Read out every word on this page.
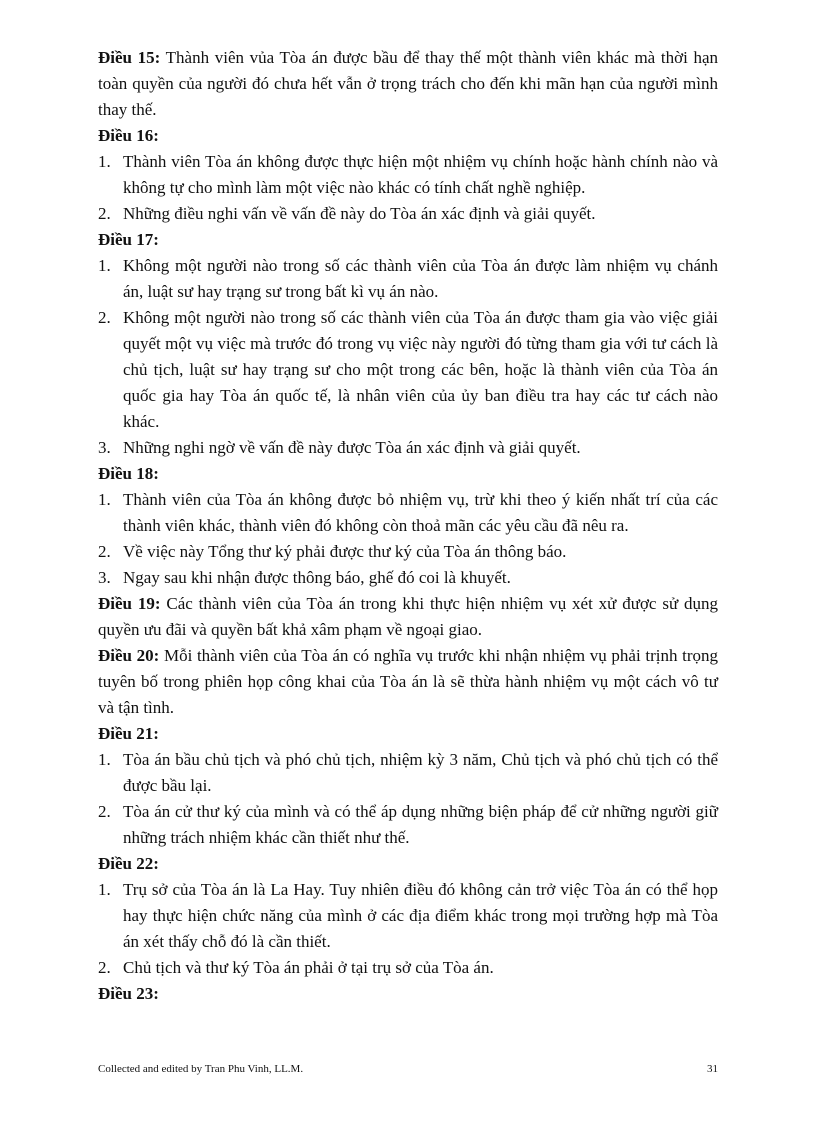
Điều 15: Thành viên vủa Tòa án được bầu để thay thế một thành viên khác mà thời hạn toàn quyền của người đó chưa hết vẫn ở trọng trách cho đến khi mãn hạn của người mình thay thế.

Điều 16:

1. Thành viên Tòa án không được thực hiện một nhiệm vụ chính hoặc hành chính nào và không tự cho mình làm một việc nào khác có tính chất nghề nghiệp.
2. Những điều nghi vấn về vấn đề này do Tòa án xác định và giải quyết.

Điều 17:

1. Không một người nào trong số các thành viên của Tòa án được làm nhiệm vụ chánh án, luật sư hay trạng sư trong bất kì vụ án nào.
2. Không một người nào trong số các thành viên của Tòa án được tham gia vào việc giải quyết một vụ việc mà trước đó trong vụ việc này người đó từng tham gia với tư cách là chủ tịch, luật sư hay trạng sư cho một trong các bên, hoặc là thành viên của Tòa án quốc gia hay Tòa án quốc tế, là nhân viên của ủy ban điều tra hay các tư cách nào khác.
3. Những nghi ngờ về vấn đề này được Tòa án xác định và giải quyết.

Điều 18:

1. Thành viên của Tòa án không được bỏ nhiệm vụ, trừ khi theo ý kiến nhất trí của các thành viên khác, thành viên đó không còn thoả mãn các yêu cầu đã nêu ra.
2. Về việc này Tổng thư ký phải được thư ký của Tòa án thông báo.
3. Ngay sau khi nhận được thông báo, ghế đó coi là khuyết.

Điều 19: Các thành viên của Tòa án trong khi thực hiện nhiệm vụ xét xử được sử dụng quyền ưu đãi và quyền bất khả xâm phạm về ngoại giao.

Điều 20: Mỗi thành viên của Tòa án có nghĩa vụ trước khi nhận nhiệm vụ phải trịnh trọng tuyên bố trong phiên họp công khai của Tòa án là sẽ thừa hành nhiệm vụ một cách vô tư và tận tình.

Điều 21:

1. Tòa án bầu chủ tịch và phó chủ tịch, nhiệm kỳ 3 năm, Chủ tịch và phó chủ tịch có thể được bầu lại.
2. Tòa án cử thư ký của mình và có thể áp dụng những biện pháp để cử những người giữ những trách nhiệm khác cần thiết như thế.

Điều 22:

1. Trụ sở của Tòa án là La Hay. Tuy nhiên điều đó không cản trở việc Tòa án có thể họp hay thực hiện chức năng của mình ở các địa điểm khác trong mọi trường hợp mà Tòa án xét thấy chỗ đó là cần thiết.
2. Chủ tịch và thư ký Tòa án phải ở tại trụ sở của Tòa án.

Điều 23:

Collected and edited by Tran Phu Vinh, LL.M.	31
